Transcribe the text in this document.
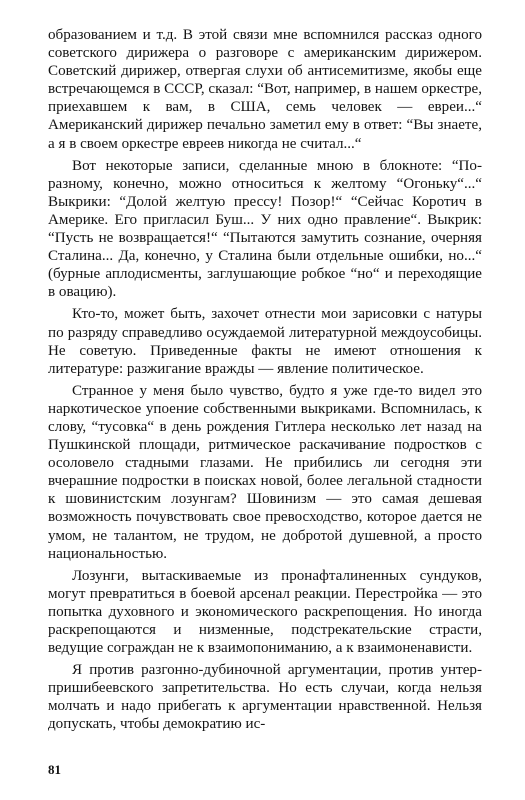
образованием и т.д. В этой связи мне вспомнился рассказ одного советского дирижера о разговоре с американским дирижером. Советский дирижер, отвергая слухи об антисемитизме, якобы еще встречающемся в СССР, сказал: “Вот, например, в нашем оркестре, приехавшем к вам, в США, семь человек — евреи...“ Американский дирижер печально заметил ему в ответ: “Вы знаете, а я в своем оркестре евреев никогда не считал...“

Вот некоторые записи, сделанные мною в блокноте: “По-разному, конечно, можно относиться к желтому “Огоньку“...“ Выкрики: “Долой желтую прессу! Позор!“ “Сейчас Коротич в Америке. Его пригласил Буш... У них одно правление“. Выкрик: “Пусть не возвращается!“ “Пытаются замутить сознание, очерняя Сталина... Да, конечно, у Сталина были отдельные ошибки, но...“ (бурные аплодисменты, заглушающие робкое “но“ и переходящие в овацию).

Кто-то, может быть, захочет отнести мои зарисовки с натуры по разряду справедливо осуждаемой литературной междоусобицы. Не советую. Приведенные факты не имеют отношения к литературе: разжигание вражды — явление политическое.

Странное у меня было чувство, будто я уже где-то видел это наркотическое упоение собственными выкриками. Вспомнилась, к слову, “тусовка“ в день рождения Гитлера несколько лет назад на Пушкинской площади, ритмическое раскачивание подростков с осоловело стадными глазами. Не прибились ли сегодня эти вчерашние подростки в поисках новой, более легальной стадности к шовинистским лозунгам? Шовинизм — это самая дешевая возможность почувствовать свое превосходство, которое дается не умом, не талантом, не трудом, не добротой душевной, а просто национальностью.

Лозунги, вытаскиваемые из пронафталиненных сундуков, могут превратиться в боевой арсенал реакции. Перестройка — это попытка духовного и экономического раскрепощения. Но иногда раскрепощаются и низменные, подстрекательские страсти, ведущие сограждан не к взаимопониманию, а к взаимоненависти.

Я против разгонно-дубиночной аргументации, против унтер-пришибеевского запретительства. Но есть случаи, когда нельзя молчать и надо прибегать к аргументации нравственной. Нельзя допускать, чтобы демократию ис-

81
